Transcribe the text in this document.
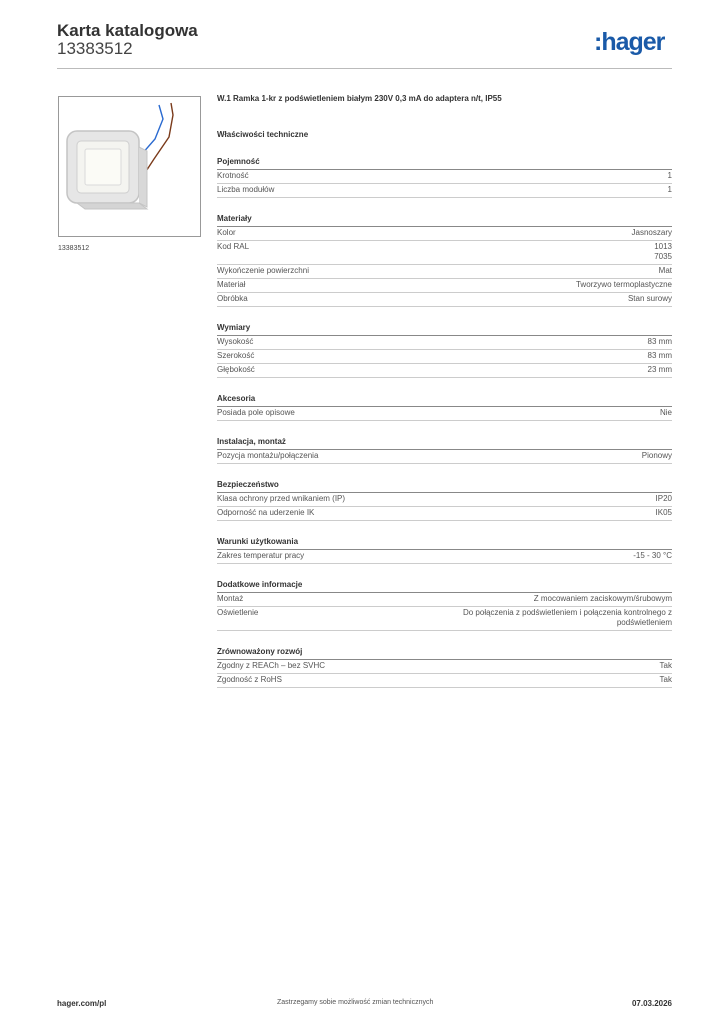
Karta katalogowa
13383512	:hager
13383512
W.1 Ramka 1-kr z podświetleniem białym 230V 0,3 mA do adaptera n/t, IP55
Właściwości techniczne
Pojemność
Krotność	1
Liczba modułów	1
Materiały
Kolor	Jasnoszary
Kod RAL	1013
7035
Wykończenie powierzchni	Mat
Materiał	Tworzywo termoplastyczne
Obróbka	Stan surowy
Wymiary
Wysokość	83 mm
Szerokość	83 mm
Głębokość	23 mm
Akcesoria
Posiada pole opisowe	Nie
Instalacja, montaż
Pozycja montażu/połączenia	Pionowy
Bezpieczeństwo
Klasa ochrony przed wnikaniem (IP)	IP20
Odporność na uderzenie IK	IK05
Warunki użytkowania
Zakres temperatur pracy	-15 - 30 °C
Dodatkowe informacje
Montaż	Z mocowaniem zaciskowym/śrubowym
Oświetlenie	Do połączenia z podświetleniem i połączenia kontrolnego z
podświetleniem
Zrównoważony rozwój
Zgodny z REACh – bez SVHC	Tak
Zgodność z RoHS	Tak
hager.com/pl	Zastrzegamy sobie możliwość zmian technicznych	07.03.2026
